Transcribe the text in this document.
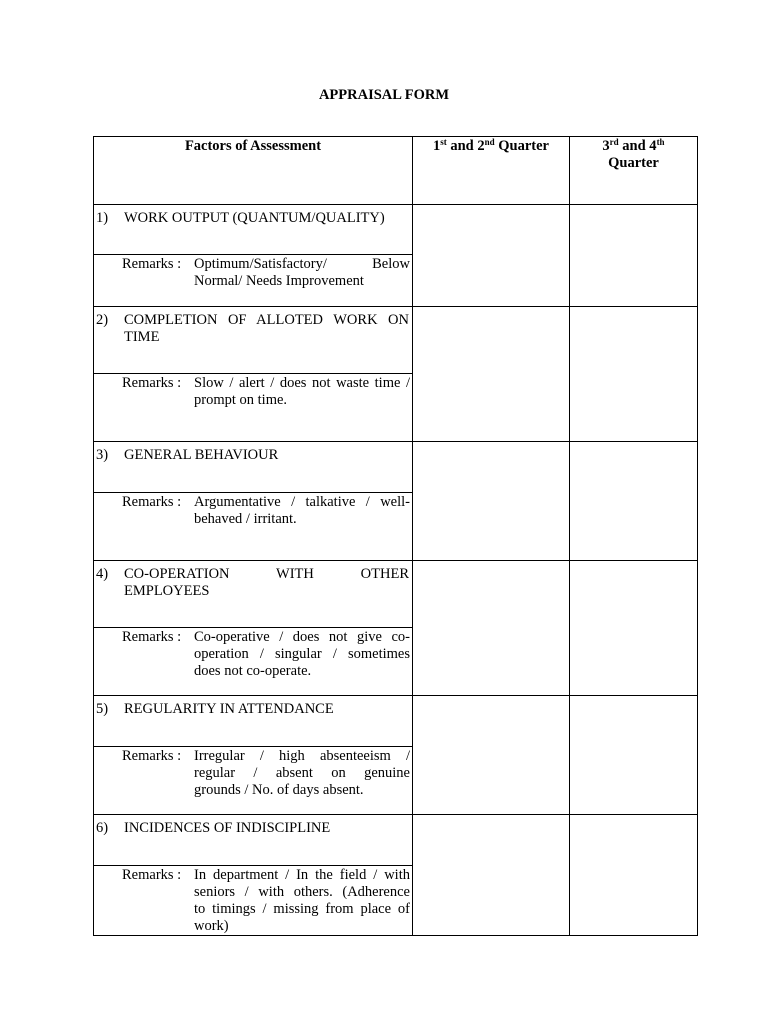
APPRAISAL FORM
Factors of Assessment	1st and 2nd Quarter	3rd and 4th
Quarter

1) WORK OUTPUT (QUANTUM/QUALITY)		

Remarks : Optimum/Satisfactory/ Below
Normal/ Needs Improvement		

2) COMPLETION OF ALLOTED WORK ON
TIME		

Remarks : Slow / alert / does not waste time /
prompt on time.		

3) GENERAL BEHAVIOUR		

Remarks : Argumentative / talkative / well-
behaved / irritant.		

4) CO-OPERATION WITH OTHER
EMPLOYEES		

Remarks : Co-operative / does not give co-
operation / singular / sometimes
does not co-operate.		

5) REGULARITY IN ATTENDANCE		

Remarks : Irregular / high absenteeism /
regular / absent on genuine
grounds / No. of days absent.		

6) INCIDENCES OF INDISCIPLINE		

Remarks : In department / In the field / with
seniors / with others. (Adherence
to timings / missing from place of
work)		
